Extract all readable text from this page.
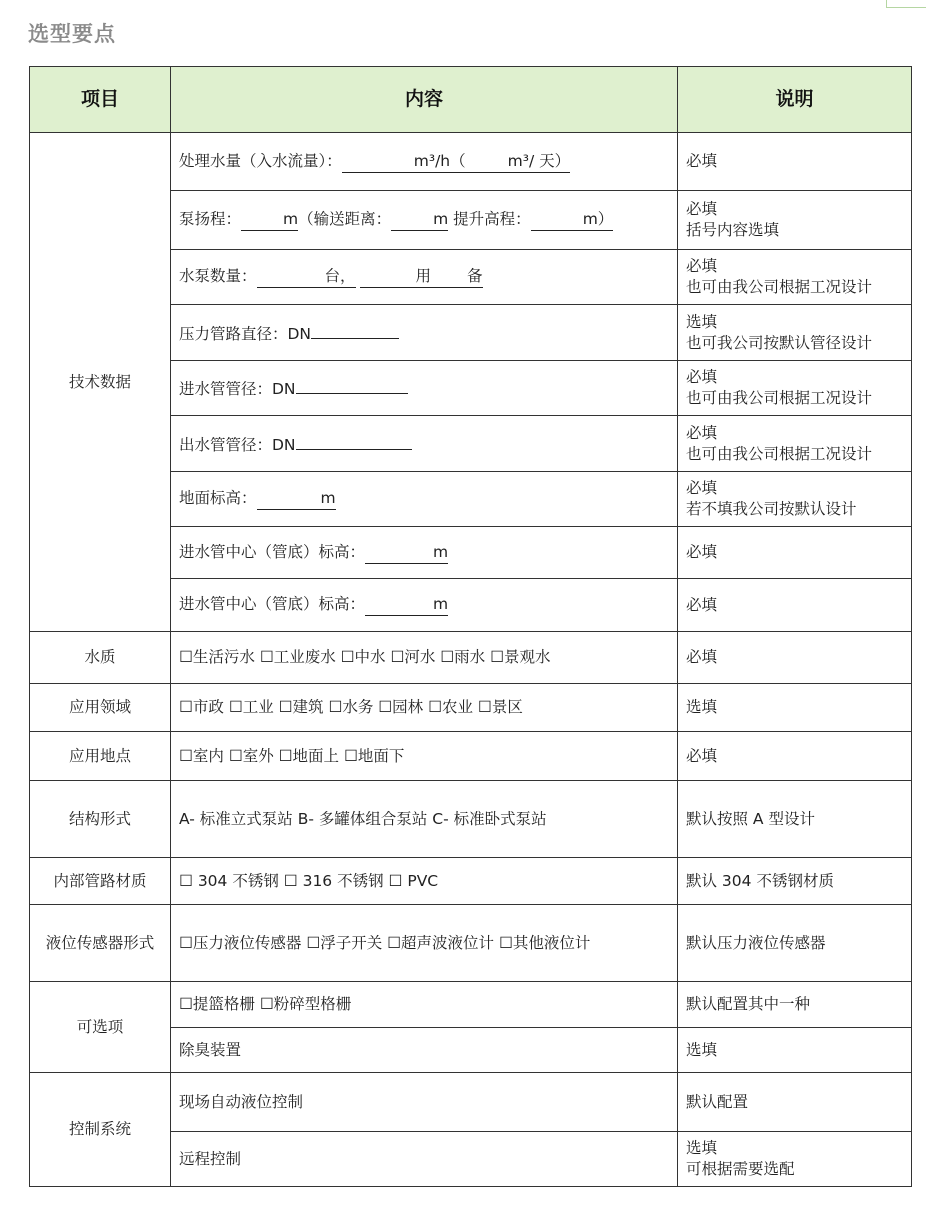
选型要点
项目	内容	说明
技术数据	处理水量（入水流量）： m³/h（ m³/ 天）	必填

	泵扬程： m（输送距离： m 提升高程： m）	必填
括号内容选填

	水泵数量： 台， 用 备	必填
也可由我公司根据工况设计

	压力管路直径：DN	选填
也可我公司按默认管径设计

	进水管管径：DN	必填
也可由我公司根据工况设计

	出水管管径：DN	必填
也可由我公司根据工况设计

	地面标高： m	必填
若不填我公司按默认设计

	进水管中心（管底）标高： m	必填

	进水管中心（管底）标高： m	必填

水质	☐生活污水 ☐工业废水 ☐中水 ☐河水 ☐雨水 ☐景观水	必填
应用领域	☐市政 ☐工业 ☐建筑 ☐水务 ☐园林 ☐农业 ☐景区	选填
应用地点	☐室内 ☐室外 ☐地面上 ☐地面下	必填
结构形式	A- 标准立式泵站 B- 多罐体组合泵站 C- 标准卧式泵站	默认按照 A 型设计
内部管路材质	☐ 304 不锈钢 ☐ 316 不锈钢 ☐ PVC	默认 304 不锈钢材质
液位传感器形式	☐压力液位传感器 ☐浮子开关 ☐超声波液位计 ☐其他液位计	默认压力液位传感器
可选项	☐提篮格栅 ☐粉碎型格栅	默认配置其中一种
	除臭装置	选填
控制系统	现场自动液位控制	默认配置

	远程控制	选填
可根据需要选配
